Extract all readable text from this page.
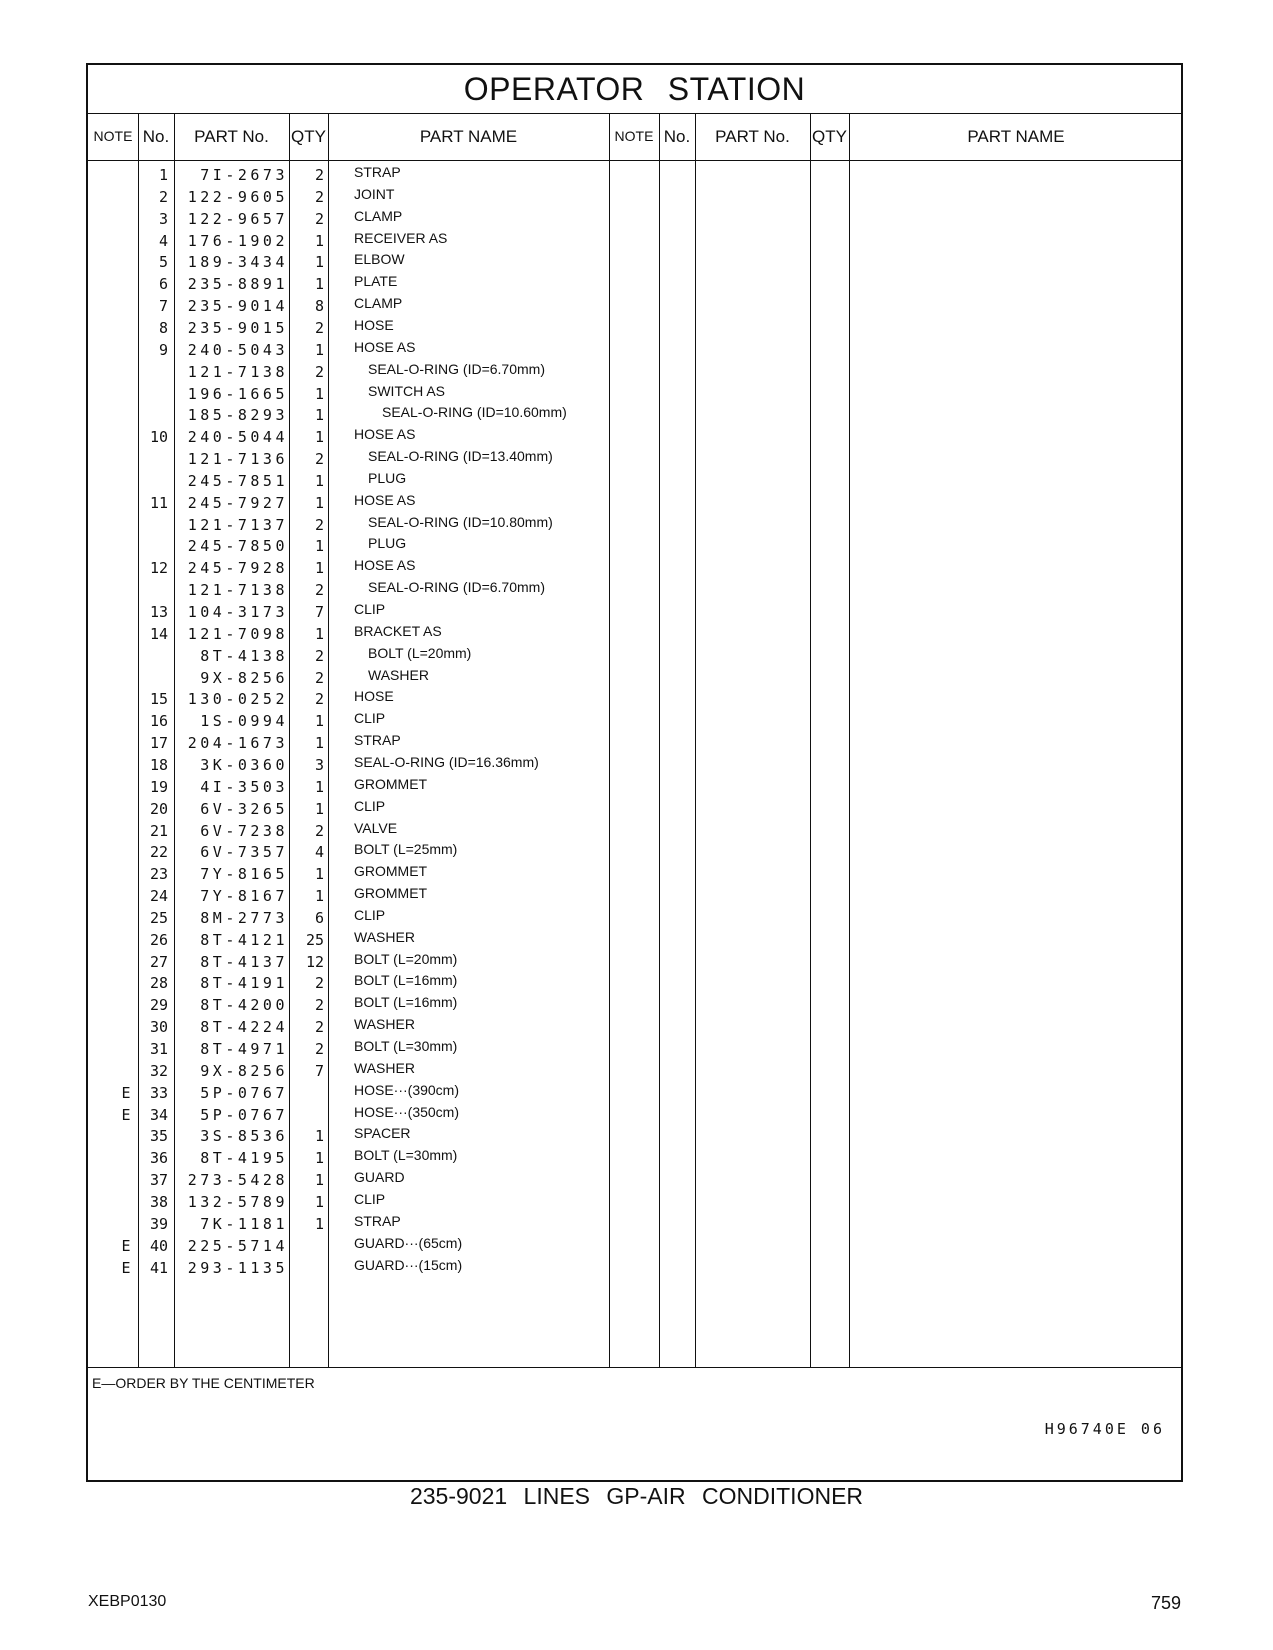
OPERATOR STATION
NOTE No.	PART No.	QTY	PART NAME	NOTE No.	PART No.	QTY	PART NAME
1	7I-2673	2 STRAP
2	122-9605	2 JOINT
3	122-9657	2 CLAMP
4	176-1902	1 RECEIVER AS
5	189-3434	1 ELBOW
6	235-8891	1 PLATE
7	235-9014	8 CLAMP
8	235-9015	2 HOSE
9	240-5043	1 HOSE AS
121-7138	2	SEAL-O-RING (ID=6.70mm)
196-1665	1	SWITCH AS
185-8293	1	SEAL-O-RING (ID=10.60mm)
10	240-5044	1 HOSE AS
121-7136	2	SEAL-O-RING (ID=13.40mm)
245-7851	1	PLUG
11	245-7927	1 HOSE AS
121-7137	2	SEAL-O-RING (ID=10.80mm)
245-7850	1	PLUG
12	245-7928	1 HOSE AS
121-7138	2	SEAL-O-RING (ID=6.70mm)
13	104-3173	7 CLIP
14	121-7098	1 BRACKET AS
8T-4138	2	BOLT (L=20mm)
9X-8256	2	WASHER
15	130-0252	2 HOSE
16	1S-0994	1 CLIP
17	204-1673	1 STRAP
18	3K-0360	3 SEAL-O-RING (ID=16.36mm)
19	4I-3503	1 GROMMET
20	6V-3265	1 CLIP
21	6V-7238	2 VALVE
22	6V-7357	4 BOLT (L=25mm)
23	7Y-8165	1 GROMMET
24	7Y-8167	1 GROMMET
25	8M-2773	6 CLIP
26	8T-4121	25 WASHER
27	8T-4137	12 BOLT (L=20mm)
28	8T-4191	2 BOLT (L=16mm)
29	8T-4200	2 BOLT (L=16mm)
30	8T-4224	2 WASHER
31	8T-4971	2 BOLT (L=30mm)
32	9X-8256	7 WASHER
E	33	5P-0767	HOSE···(390cm)
E	34	5P-0767	HOSE···(350cm)
35	3S-8536	1 SPACER
36	8T-4195	1 BOLT (L=30mm)
37	273-5428	1 GUARD
38	132-5789	1 CLIP
39	7K-1181	1 STRAP
E	40	225-5714	GUARD···(65cm)
E	41	293-1135	GUARD···(15cm)
E—ORDER BY THE CENTIMETER
H96740E 06
235-9021 LINES GP-AIR CONDITIONER
XEBP0130	759
